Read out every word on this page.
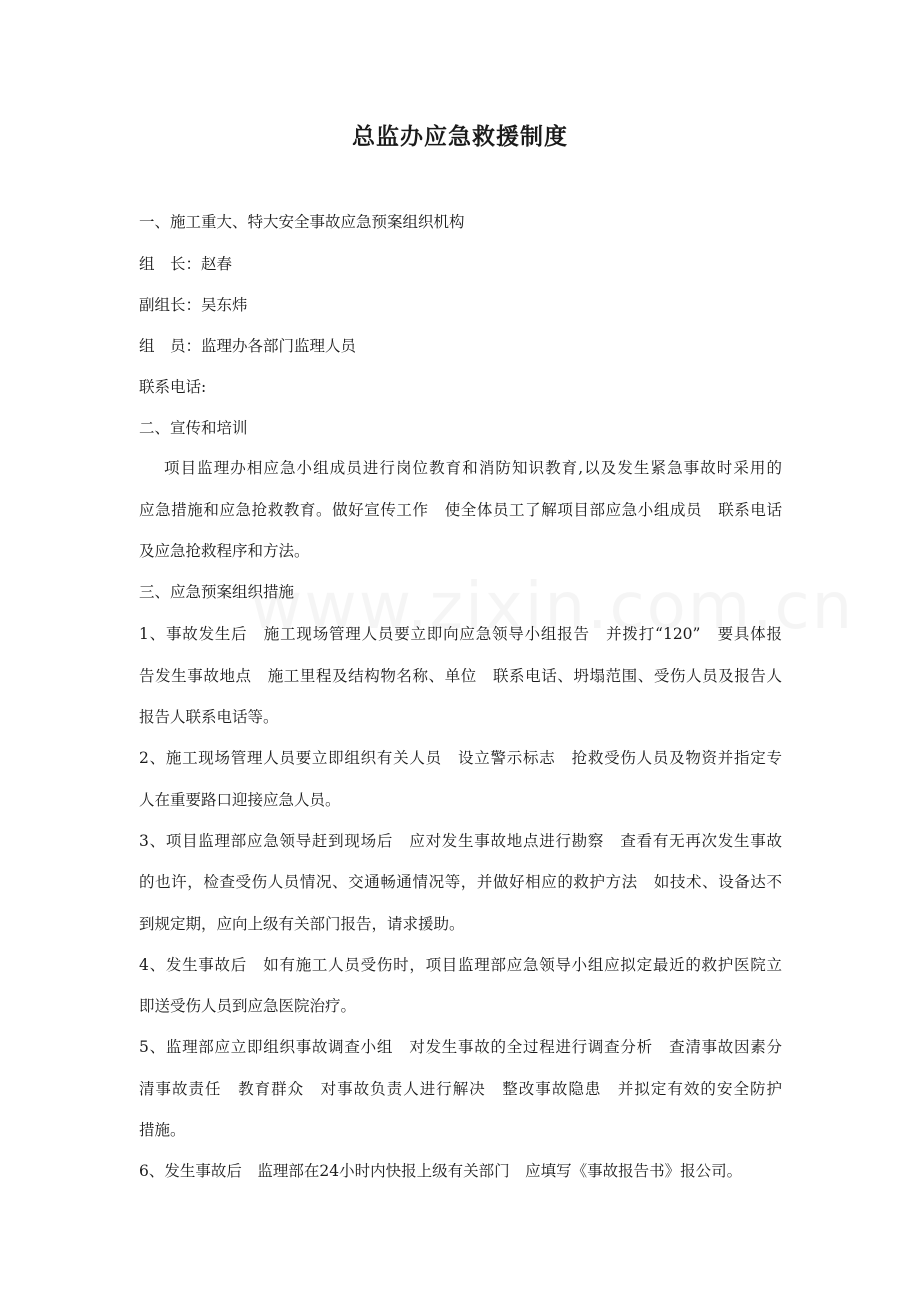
总监办应急救援制度

一、施工重大、特大安全事故应急预案组织机构

组　长：赵春

副组长：吴东炜

组　员：监理办各部门监理人员

联系电话:

二、宣传和培训

项目监理办相应急小组成员进行岗位教育和消防知识教育,以及发生紧急事故时采用的

应急措施和应急抢救教育。做好宣传工作　使全体员工了解项目部应急小组成员　联系电话

及应急抢救程序和方法。

三、应急预案组织措施

1、事故发生后　施工现场管理人员要立即向应急领导小组报告　并拨打“120”　要具体报

告发生事故地点　施工里程及结构物名称、单位　联系电话、坍塌范围、受伤人员及报告人

报告人联系电话等。

2、施工现场管理人员要立即组织有关人员　设立警示标志　抢救受伤人员及物资并指定专

人在重要路口迎接应急人员。

3、项目监理部应急领导赶到现场后　应对发生事故地点进行勘察　查看有无再次发生事故

的也许，检查受伤人员情况、交通畅通情况等，并做好相应的救护方法　如技术、设备达不

到规定期，应向上级有关部门报告，请求援助。

4、发生事故后　如有施工人员受伤时，项目监理部应急领导小组应拟定最近的救护医院立

即送受伤人员到应急医院治疗。

5、监理部应立即组织事故调查小组　对发生事故的全过程进行调查分析　查清事故因素分

清事故责任　教育群众　对事故负责人进行解决　整改事故隐患　并拟定有效的安全防护

措施。

6、发生事故后　监理部在24小时内快报上级有关部门　应填写《事故报告书》报公司。
